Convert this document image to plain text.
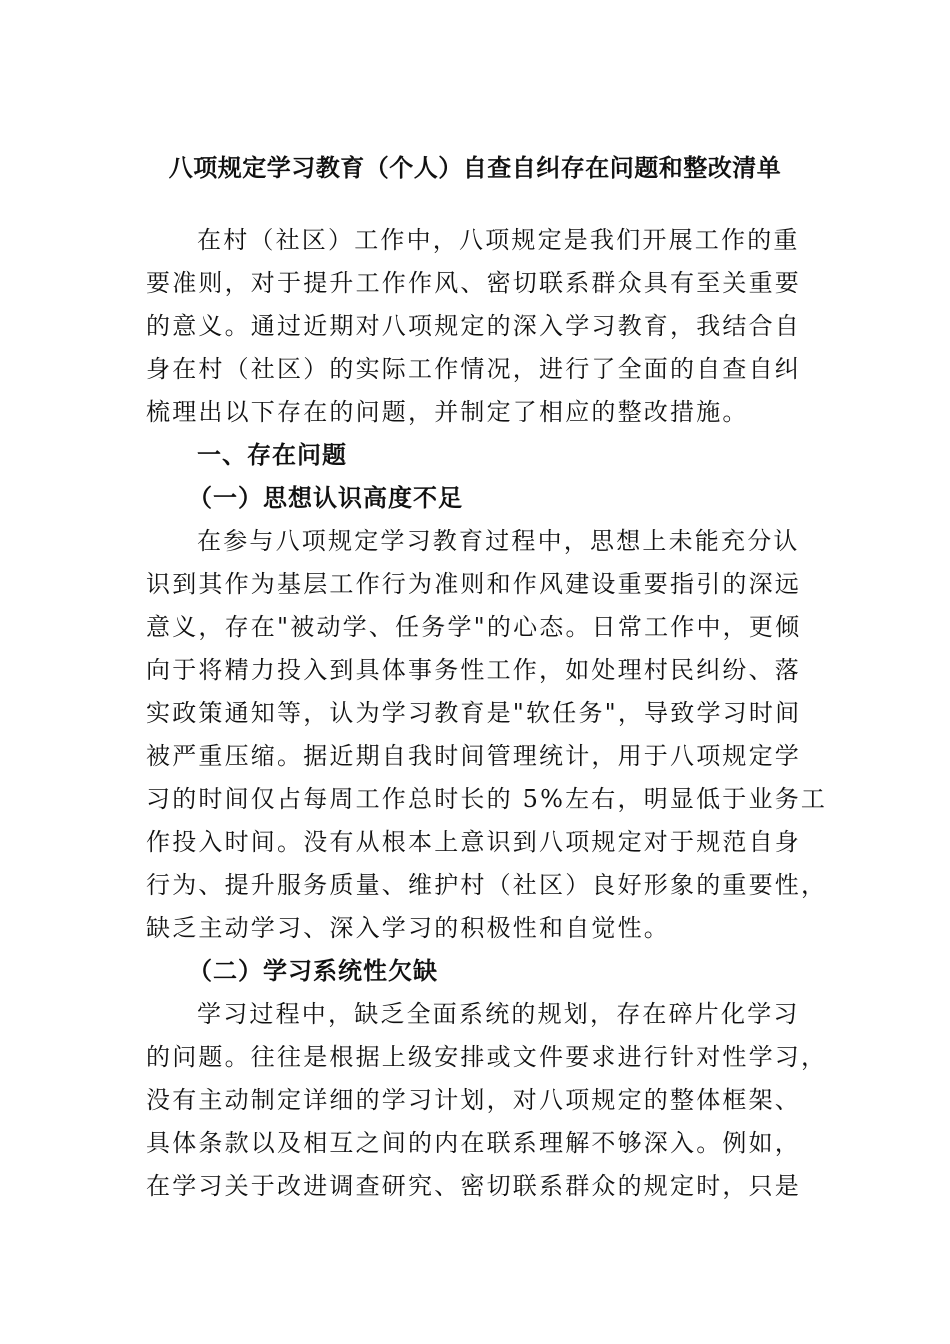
八项规定学习教育（个人）自查自纠存在问题和整改清单
在村（社区）工作中，八项规定是我们开展工作的重
要准则，对于提升工作作风、密切联系群众具有至关重要
的意义。通过近期对八项规定的深入学习教育，我结合自
身在村（社区）的实际工作情况，进行了全面的自查自纠
梳理出以下存在的问题，并制定了相应的整改措施。
一、存在问题
（一）思想认识高度不足
在参与八项规定学习教育过程中，思想上未能充分认
识到其作为基层工作行为准则和作风建设重要指引的深远
意义，存在"被动学、任务学"的心态。日常工作中，更倾
向于将精力投入到具体事务性工作，如处理村民纠纷、落
实政策通知等，认为学习教育是"软任务"，导致学习时间
被严重压缩。据近期自我时间管理统计，用于八项规定学
习的时间仅占每周工作总时长的 5%左右，明显低于业务工
作投入时间。没有从根本上意识到八项规定对于规范自身
行为、提升服务质量、维护村（社区）良好形象的重要性，
缺乏主动学习、深入学习的积极性和自觉性。
（二）学习系统性欠缺
学习过程中，缺乏全面系统的规划，存在碎片化学习
的问题。往往是根据上级安排或文件要求进行针对性学习，
没有主动制定详细的学习计划，对八项规定的整体框架、
具体条款以及相互之间的内在联系理解不够深入。例如，
在学习关于改进调查研究、密切联系群众的规定时，只是
